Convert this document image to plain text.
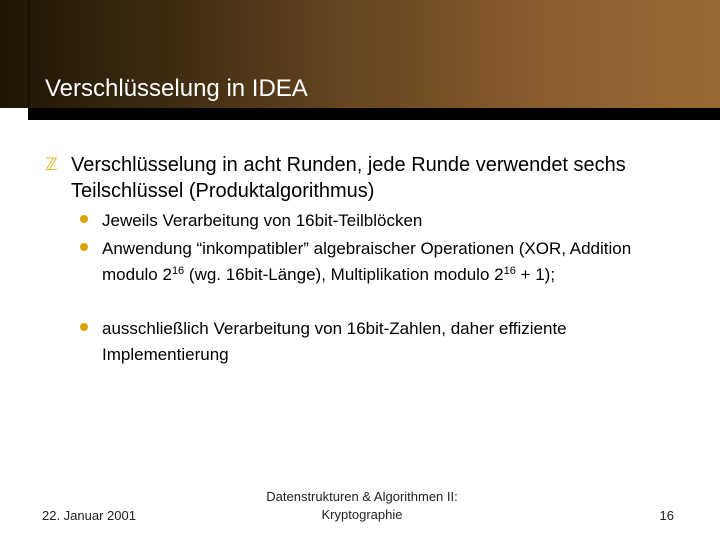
Verschlüsselung in IDEA
ℤ Verschlüsselung in acht Runden, jede Runde verwendet sechs Teilschlüssel (Produktalgorithmus)
Jeweils Verarbeitung von 16bit-Teilblöcken
Anwendung “inkompatibler” algebraischer Operationen (XOR, Addition modulo $2^{16}$ (wg. 16bit-Länge), Multiplikation modulo $2^{16} + 1$);
ausschließlich Verarbeitung von 16bit-Zahlen, daher effiziente Implementierung
22. Januar 2001
Datenstrukturen & Algorithmen II:
Kryptographie	16
